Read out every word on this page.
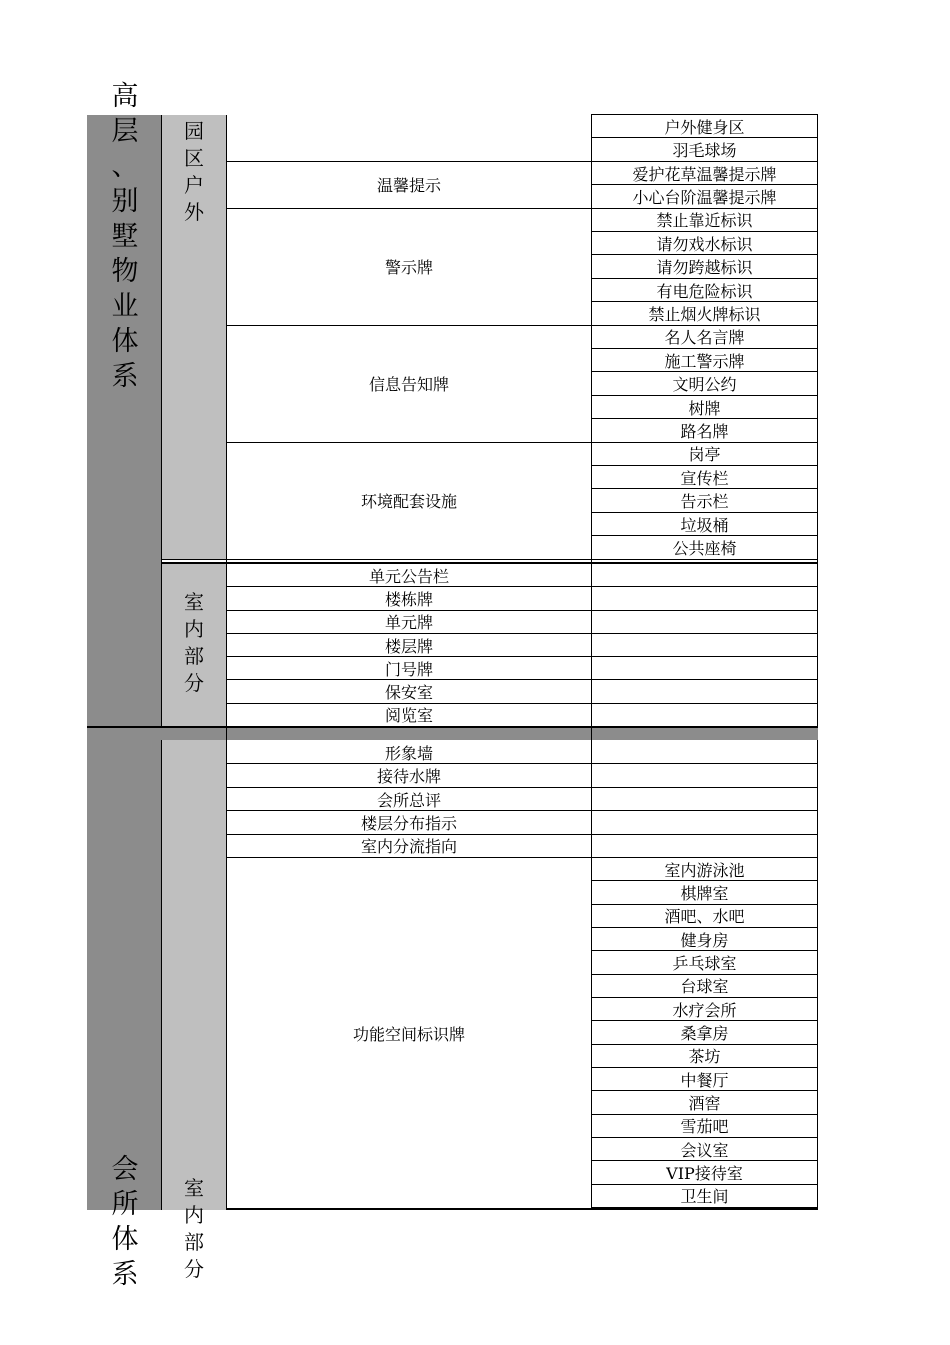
高
层
、
别
墅
物
业
体
系
会
所
体
系
园
区
户
外
室
内
部
分
室
内
部
分
户外健身区
羽毛球场
温馨提示
爱护花草温馨提示牌
小心台阶温馨提示牌
警示牌
禁止靠近标识
请勿戏水标识
请勿跨越标识
有电危险标识
禁止烟火牌标识
信息告知牌
名人名言牌
施工警示牌
文明公约
树牌
路名牌
环境配套设施
岗亭
宣传栏
告示栏
垃圾桶
公共座椅
单元公告栏
楼栋牌
单元牌
楼层牌
门号牌
保安室
阅览室
形象墙
接待水牌
会所总评
楼层分布指示
室内分流指向
功能空间标识牌
室内游泳池
棋牌室
酒吧、水吧
健身房
乒乓球室
台球室
水疗会所
桑拿房
茶坊
中餐厅
酒窖
雪茄吧
会议室
VIP接待室
卫生间
